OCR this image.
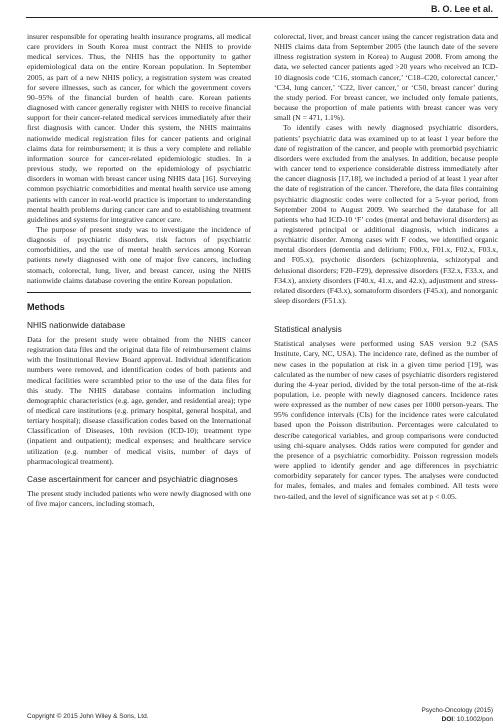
B. O. Lee et al.

insurer responsible for operating health insurance programs, all medical care providers in South Korea must contract the NHIS to provide medical services. Thus, the NHIS has the opportunity to gather epidemiological data on the entire Korean population. In September 2005, as part of a new NHIS policy, a registration system was created for severe illnesses, such as cancer, for which the government covers 90–95% of the financial burden of health care. Korean patients diagnosed with cancer generally register with NHIS to receive financial support for their cancer-related medical services immediately after their first diagnosis with cancer. Under this system, the NHIS maintains nationwide medical registration files for cancer patients and original claims data for reimbursement; it is thus a very complete and reliable information source for cancer-related epidemiologic studies. In a previous study, we reported on the epidemiology of psychiatric disorders in woman with breast cancer using NHIS data [16]. Surveying common psychiatric comorbidities and mental health service use among patients with cancer in real-world practice is important to understanding mental health problems during cancer care and to establishing treatment guidelines and systems for integrative cancer care.

The purpose of present study was to investigate the incidence of diagnosis of psychiatric disorders, risk factors of psychiatric comorbidities, and the use of mental health services among Korean patients newly diagnosed with one of major five cancers, including stomach, colorectal, lung, liver, and breast cancer, using the NHIS nationwide claims database covering the entire Korean population.

Methods
NHIS nationwide database

Data for the present study were obtained from the NHIS cancer registration data files and the original data file of reimbursement claims with the Institutional Review Board approval. Individual identification numbers were removed, and identification codes of both patients and medical facilities were scrambled prior to the use of the data files for this study. The NHIS database contains information including demographic characteristics (e.g. age, gender, and residential area); type of medical care institutions (e.g. primary hospital, general hospital, and tertiary hospital); disease classification codes based on the International Classification of Diseases, 10th revision (ICD-10); treatment type (inpatient and outpatient); medical expenses; and healthcare service utilization (e.g. number of medical visits, number of days of pharmacological treatment).

Case ascertainment for cancer and psychiatric diagnoses

The present study included patients who were newly diagnosed with one of five major cancers, including stomach,

colorectal, liver, and breast cancer using the cancer registration data and NHIS claims data from September 2005 (the launch date of the severe illness registration system in Korea) to August 2008. From among the data, we selected cancer patients aged >20 years who received an ICD-10 diagnosis code ‘C16, stomach cancer,’ ‘C18–C20, colorectal cancer,’ ‘C34, lung cancer,’ ‘C22, liver cancer,’ or ‘C50, breast cancer’ during the study period. For breast cancer, we included only female patients, because the proportion of male patients with breast cancer was very small (N = 471, 1.1%).

To identify cases with newly diagnosed psychiatric disorders, patients’ psychiatric data was examined up to at least 1 year before the date of registration of the cancer, and people with premorbid psychiatric disorders were excluded from the analyses. In addition, because people with cancer tend to experience considerable distress immediately after the cancer diagnosis [17,18], we included a period of at least 1 year after the date of registration of the cancer. Therefore, the data files containing psychiatric diagnostic codes were collected for a 5-year period, from September 2004 to August 2009. We searched the database for all patients who had ICD-10 ‘F’ codes (mental and behavioral disorders) as a registered principal or additional diagnosis, which indicates a psychiatric disorder. Among cases with F codes, we identified organic mental disorders (dementia and delirium; F00.x, F01.x, F02.x, F03.x, and F05.x), psychotic disorders (schizophrenia, schizotypal and delusional disorders; F20–F29), depressive disorders (F32.x, F33.x, and F34.x), anxiety disorders (F40.x, 41.x, and 42.x), adjustment and stress-related disorders (F43.x), somatoform disorders (F45.x), and nonorganic sleep disorders (F51.x).

Statistical analysis

Statistical analyses were performed using SAS version 9.2 (SAS Institute, Cary, NC, USA). The incidence rate, defined as the number of new cases in the population at risk in a given time period [19], was calculated as the number of new cases of psychiatric disorders registered during the 4-year period, divided by the total person-time of the at-risk population, i.e. people with newly diagnosed cancers. Incidence rates were expressed as the number of new cases per 1000 person-years. The 95% confidence intervals (CIs) for the incidence rates were calculated based upon the Poisson distribution. Percentages were calculated to describe categorical variables, and group comparisons were conducted using chi-square analyses. Odds ratios were computed for gender and the presence of a psychiatric comorbidity. Poisson regression models were applied to identify gender and age differences in psychiatric comorbidity separately for cancer types. The analyses were conducted for males, females, and males and females combined. All tests were two-tailed, and the level of significance was set at p < 0.05.

Copyright © 2015 John Wiley & Sons, Ltd.
Psycho-Oncology (2015)
DOI: 10.1002/pon
